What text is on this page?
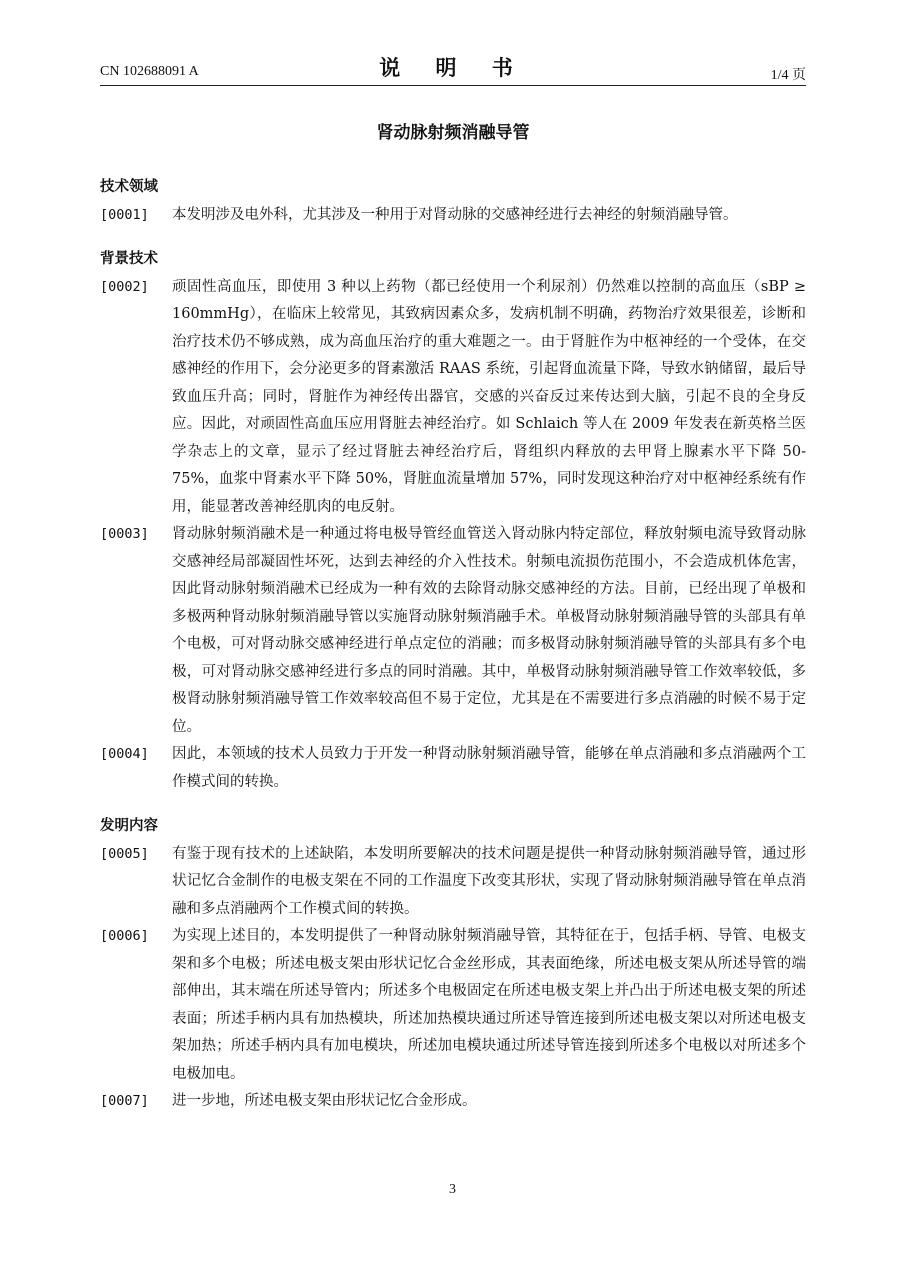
CN 102688091 A	说 明 书	1/4 页
肾动脉射频消融导管
技术领域
[0001] 本发明涉及电外科，尤其涉及一种用于对肾动脉的交感神经进行去神经的射频消融导管。
背景技术
[0002] 顽固性高血压，即使用 3 种以上药物（都已经使用一个利尿剂）仍然难以控制的高血压（sBP ≥ 160mmHg），在临床上较常见，其致病因素众多，发病机制不明确，药物治疗效果很差，诊断和治疗技术仍不够成熟，成为高血压治疗的重大难题之一。由于肾脏作为中枢神经的一个受体，在交感神经的作用下，会分泌更多的肾素激活 RAAS 系统，引起肾血流量下降，导致水钠储留，最后导致血压升高；同时，肾脏作为神经传出器官，交感的兴奋反过来传达到大脑，引起不良的全身反应。因此，对顽固性高血压应用肾脏去神经治疗。如 Schlaich 等人在 2009 年发表在新英格兰医学杂志上的文章，显示了经过肾脏去神经治疗后，肾组织内释放的去甲肾上腺素水平下降 50-75%，血浆中肾素水平下降 50%，肾脏血流量增加 57%，同时发现这种治疗对中枢神经系统有作用，能显著改善神经肌肉的电反射。
[0003] 肾动脉射频消融术是一种通过将电极导管经血管送入肾动脉内特定部位，释放射频电流导致肾动脉交感神经局部凝固性坏死，达到去神经的介入性技术。射频电流损伤范围小，不会造成机体危害，因此肾动脉射频消融术已经成为一种有效的去除肾动脉交感神经的方法。目前，已经出现了单极和多极两种肾动脉射频消融导管以实施肾动脉射频消融手术。单极肾动脉射频消融导管的头部具有单个电极，可对肾动脉交感神经进行单点定位的消融；而多极肾动脉射频消融导管的头部具有多个电极，可对肾动脉交感神经进行多点的同时消融。其中，单极肾动脉射频消融导管工作效率较低，多极肾动脉射频消融导管工作效率较高但不易于定位，尤其是在不需要进行多点消融的时候不易于定位。
[0004] 因此，本领域的技术人员致力于开发一种肾动脉射频消融导管，能够在单点消融和多点消融两个工作模式间的转换。
发明内容
[0005] 有鉴于现有技术的上述缺陷，本发明所要解决的技术问题是提供一种肾动脉射频消融导管，通过形状记忆合金制作的电极支架在不同的工作温度下改变其形状，实现了肾动脉射频消融导管在单点消融和多点消融两个工作模式间的转换。
[0006] 为实现上述目的，本发明提供了一种肾动脉射频消融导管，其特征在于，包括手柄、导管、电极支架和多个电极；所述电极支架由形状记忆合金丝形成，其表面绝缘，所述电极支架从所述导管的端部伸出，其末端在所述导管内；所述多个电极固定在所述电极支架上并凸出于所述电极支架的所述表面；所述手柄内具有加热模块，所述加热模块通过所述导管连接到所述电极支架以对所述电极支架加热；所述手柄内具有加电模块，所述加电模块通过所述导管连接到所述多个电极以对所述多个电极加电。
[0007] 进一步地，所述电极支架由形状记忆合金形成。
3
